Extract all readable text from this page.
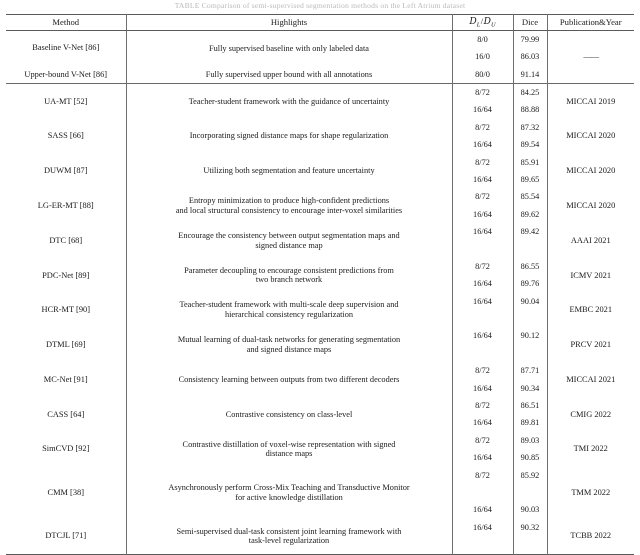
TABLE Comparison of semi-supervised segmentation methods on the Left Atrium dataset
Method	Highlights	$D_L/D_U$	Dice	Publication&Year
Baseline V-Net [86]	Fully supervised baseline with only labeled data	8/0	79.99	——
		16/0	86.03	
Upper-bound V-Net [86]	Fully supervised upper bound with all annotations	80/0	91.14	
UA-MT [52]	Teacher-student framework with the guidance of uncertainty	8/72	84.25	MICCAI 2019
		16/64	88.88	
SASS [66]	Incorporating signed distance maps for shape regularization	8/72	87.32	MICCAI 2020
		16/64	89.54	
DUWM [87]	Utilizing both segmentation and feature uncertainty	8/72	85.91	MICCAI 2020
		16/64	89.65	
LG-ER-MT [88]	Entropy minimization to produce high-confident predictions
and local structural consistency to encourage inter-voxel similarities	8/72	85.54	MICCAI 2020
		16/64	89.62	
DTC [68]	Encourage the consistency between output segmentation maps and
signed distance map	16/64	89.42	AAAI 2021

PDC-Net [89]	Parameter decoupling to encourage consistent predictions from
two branch network	8/72	86.55	ICMV 2021
		16/64	89.76	
HCR-MT [90]	Teacher-student framework with multi-scale deep supervision and
hierarchical consistency regularization	16/64	90.04	EMBC 2021

DTML [69]	Mutual learning of dual-task networks for generating segmentation
and signed distance maps	16/64	90.12	PRCV 2021

MC-Net [91]	Consistency learning between outputs from two different decoders	8/72	87.71	MICCAI 2021
		16/64	90.34	
CASS [64]	Contrastive consistency on class-level	8/72	86.51	CMIG 2022
		16/64	89.81	
SimCVD [92]	Contrastive distillation of voxel-wise representation with signed
distance maps	8/72	89.03	TMI 2022
		16/64	90.85	
CMM [38]	Asynchronously perform Cross-Mix Teaching and Transductive Monitor
for active knowledge distillation	8/72	85.92	TMM 2022

		16/64	90.03	
DTCJL [71]	Semi-supervised dual-task consistent joint learning framework with
task-level regularization	16/64	90.32	TCBB 2022
